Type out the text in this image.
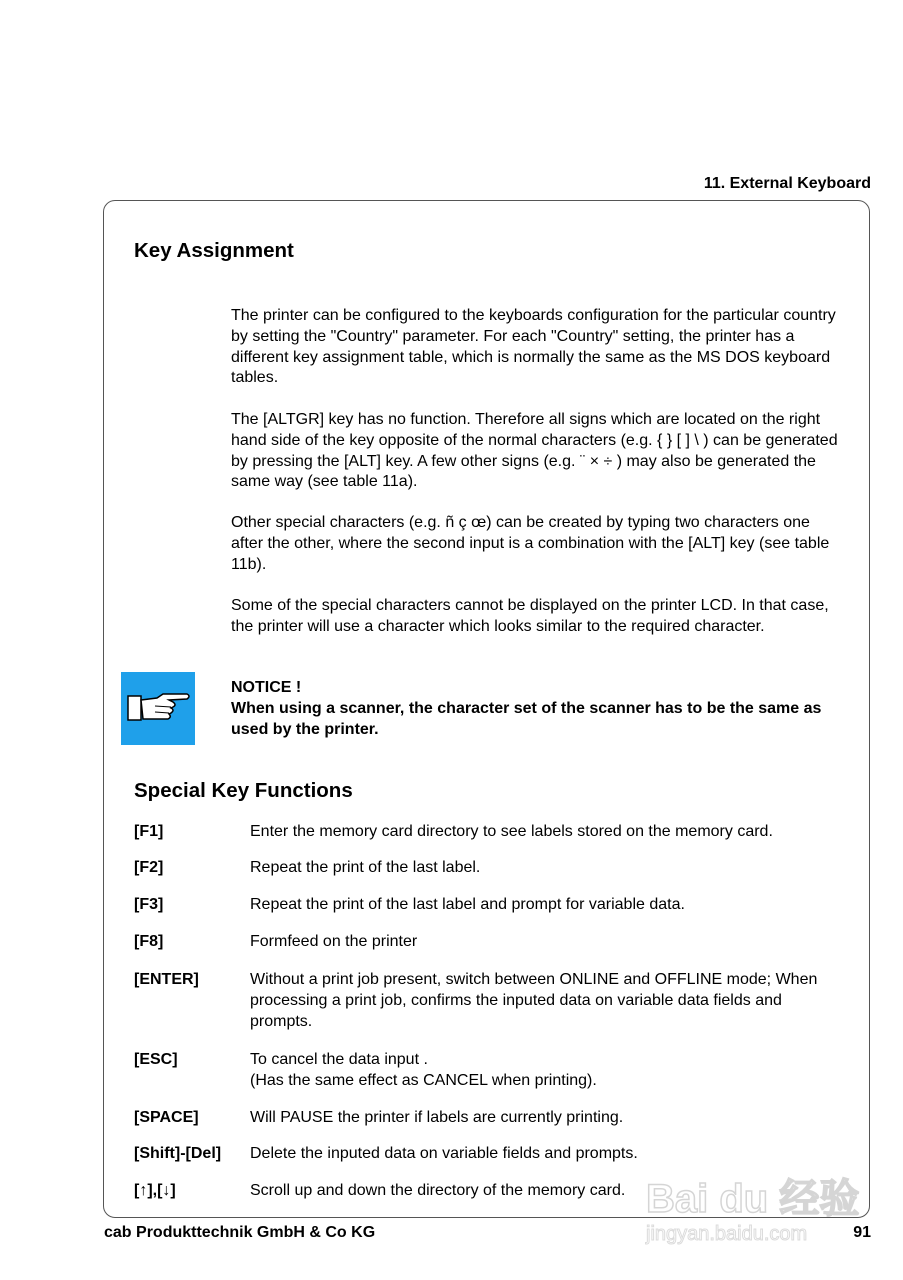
11. External Keyboard
Key Assignment

The printer can be configured to the keyboards configuration for the particular country by setting the "Country" parameter. For each "Country" setting, the printer has a different key assignment table, which is normally the same as the MS DOS keyboard tables.

The [ALTGR] key has no function. Therefore all signs which are located on the right hand side of the key opposite of the normal characters (e.g. { } [ ] \ ) can be generated by pressing the [ALT] key. A few other signs (e.g. ¨ × ÷ ) may also be generated the same way (see table 11a).

Other special characters (e.g. ñ ç œ) can be created by typing two characters one after the other, where the second input is a combination with the [ALT] key (see table 11b).

Some of the special characters cannot be displayed on the printer LCD. In that case, the printer will use a character which looks similar to the required character.

NOTICE !
When using a scanner, the character set of the scanner has to be the same as used by the printer.
Special Key Functions
[F1]	Enter the memory card directory to see labels stored on the memory card.
[F2]	Repeat the print of the last label.
[F3]	Repeat the print of the last label and prompt for variable data.
[F8]	Formfeed on the printer
[ENTER]	Without a print job present, switch between ONLINE and OFFLINE mode; When processing a print job, confirms the inputed data on variable data fields and prompts.
[ESC]	To cancel the data input .
(Has the same effect as CANCEL when printing).
[SPACE]	Will PAUSE the printer if labels are currently printing.
[Shift]-[Del]	Delete the inputed data on variable fields and prompts.
[↑],[↓]	Scroll up and down the directory of the memory card. Bai du 经验
jingyan.baidu.com
cab Produkttechnik GmbH & Co KG	91
